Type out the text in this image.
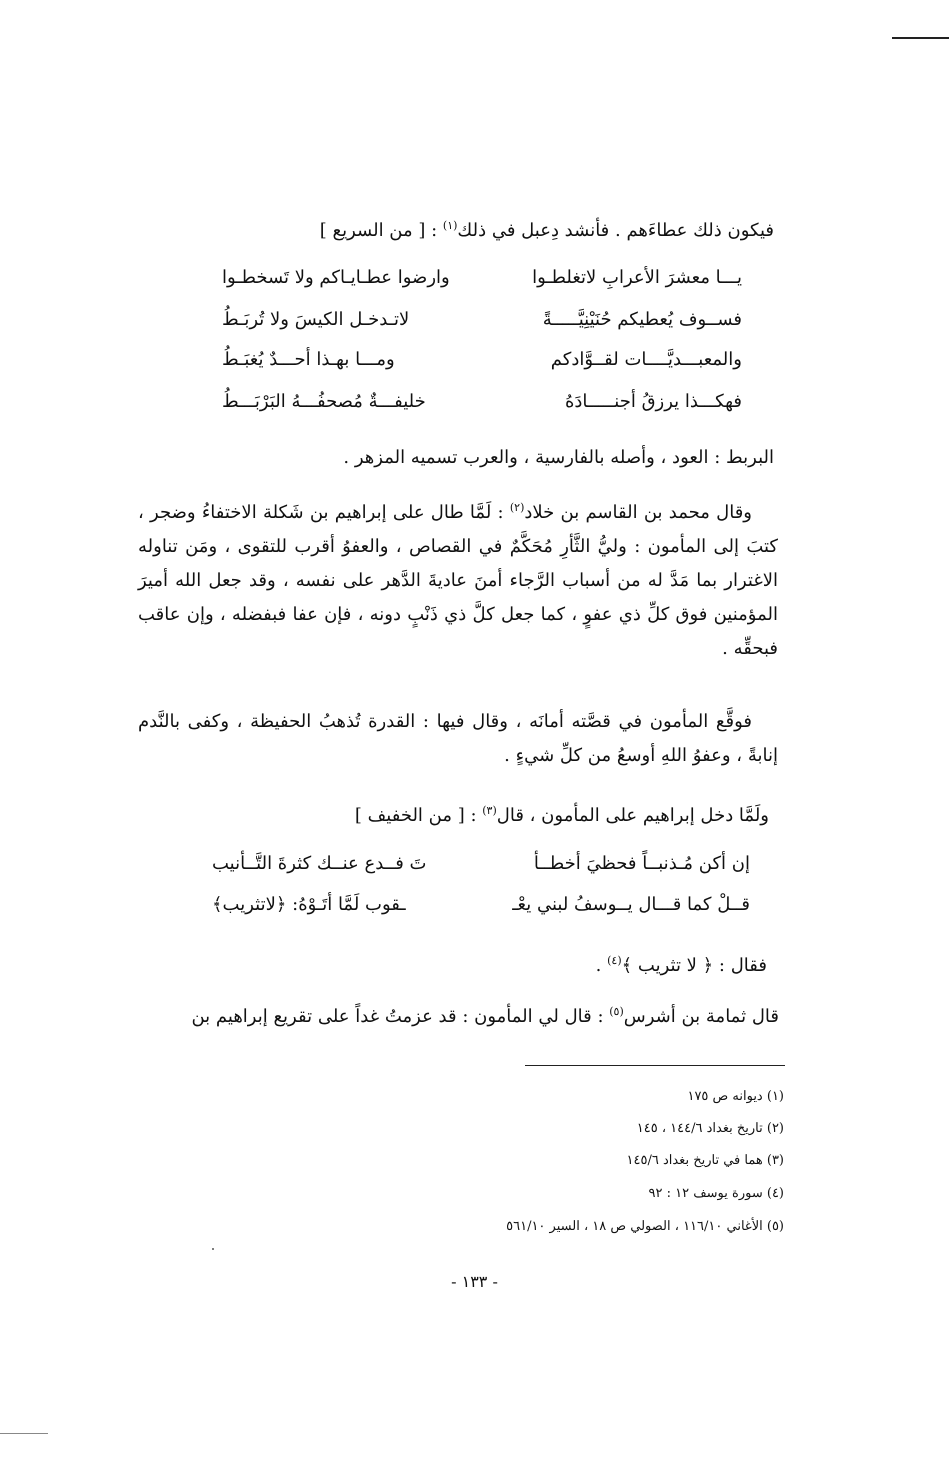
فيكون ذلك عطاءَهم . فأنشد دِعبل في ذلك$^{(١)}$ : [ من السريع ]
يـــا معشرَ الأعرابِ لاتغلطـوا
وارضوا عطـايـاكم ولا تَسخطـوا
فســوف يُعطيكم حُنَيْنِيَّـــــةً
لاتـدخـل الكيسَ ولا تُربَـطُ
والمعبـــديَّــــات لقــوَّادكم
ومـــا بهـذا أحـــدٌ يُغبَـطُ
فهكـــذا يرزقُ أجنـــــادَهُ
خليفـــةٌ مُصحفُـــهُ البَرْبَـــطُ
البربط : العود ، وأصله بالفارسية ، والعرب تسميه المزهر .

وقال محمد بن القاسم بن خلاد$^{(٢)}$ : لَمَّا طال على إبراهيم بن شَكلة الاختفاءُ وضجر ، كتبَ إلى المأمون : وليُّ الثَّأرِ مُحَكَّمٌ في القصاص ، والعفوُ أقرب للتقوى ، ومَن تناوله الاغترار بما مَدَّ له من أسباب الرَّجاء أمنَ عاديةَ الدَّهر على نفسه ، وقد جعل الله أميرَ المؤمنين فوق كلِّ ذي عفوٍ ، كما جعل كلَّ ذي ذَنْبٍ دونه ، فإن عفا فبفضله ، وإن عاقب فبحقِّه .

فوقَّع المأمون في قصَّته أمانَه ، وقال فيها : القدرة تُذهبُ الحفيظة ، وكفى بالنَّدم إنابةً ، وعفوُ اللهِ أوسعُ من كلِّ شيءٍ .

ولَمَّا دخل إبراهيم على المأمون ، قال$^{(٣)}$ : [ من الخفيف ]
إن أكن مُـذنبــاً فحظيَ أخطــأ
تَ فــدع عنــك كثرةَ التَّــأنيب
قــلْ كما قـــال يــوسفُ لبني يعْـ
ـقوب لَمَّا أتَـوْهُ: ﴿لاتثريب﴾
فقال : ﴿ لا تثريب ﴾$^{(٤)}$ .
قال ثمامة بن أشرس$^{(٥)}$ : قال لي المأمون : قد عزمتُ غداً على تقريع إبراهيم بن
(١) ديوانه ص ١٧٥
(٢) تاريخ بغداد ١٤٤/٦ ، ١٤٥
(٣) هما في تاريخ بغداد ١٤٥/٦
(٤) سورة يوسف ١٢ : ٩٢
(٥) الأغاني ١١٦/١٠ ، الصولي ص ١٨ ، السير ٥٦١/١٠
- ١٣٣ -
